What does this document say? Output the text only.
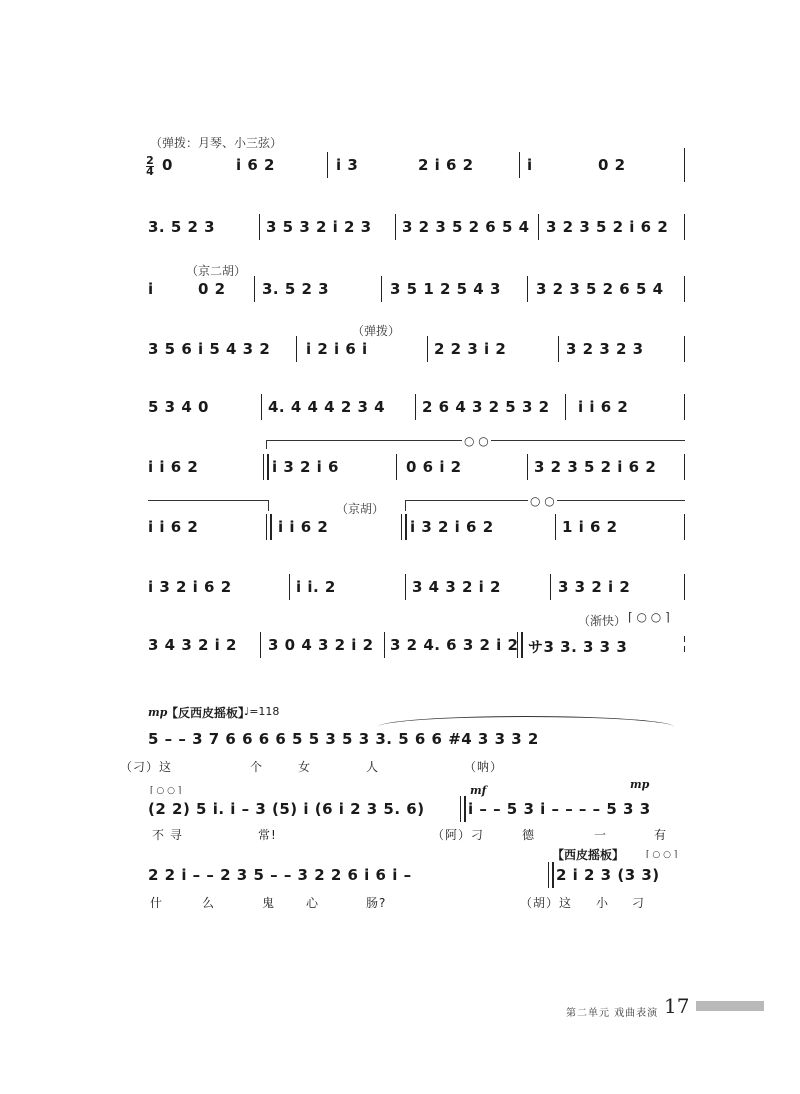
（弹拨：月琴、小三弦）
2
4 0	i 6 2	i 3	2 i 6 2	i	0 2
3. 5 2 3	3 5 3 2 i 2 3 3 2 3 5 2 6 5 4 3 2 3 5 2 i 6 2
（京二胡）
i	0 2 3. 5 2 3	3 5 1 2 5 4 3 3 2 3 5 2 6 5 4
（弹拨）
3 5 6 i 5 4 3 2 i 2 i 6 i	2 2 3 i 2	3 2 3 2 3
5 3 4 0	4. 4 4 4 2 3 4 2 6 4 3 2 5 3 2 i i 6 2
○ ○
i i 6 2	i 3 2 i 6	0 6 i 2	3 2 3 5 2 i 6 2
○ ○
（京胡）
i i 6 2	i i 6 2	i 3 2 i 6 2	1 i 6 2
i 3 2 i 6 2	i i. 2	3 4 3 2 i 2	3 3 2 i 2
（渐快） ⌈ ○ ○ ⌉
3 4 3 2 i 2 3 0 4 3 2 i 2 3 2 4. 6 3 2 i 2 サ3 3. 3 3 3
mp
【反西皮摇板】
♩=118
5 – – 3 7 6 6 6 6 5 5 3 5 3 3. 5 6 6 #4 3 3 3 2
（刁）这	个	女	人	（呐）
⌈ ○ ○ ⌉	mf	mp
(2 2) 5 i. i – 3 (5) i (6 i 2 3 5. 6)	i – – 5 3 i – – – – 5 3 3
不 寻	常!	（阿）刁	德	一	有
【西皮摇板】 ⌈ ○ ○ ⌉
2 2 i – – 2 3 5 – – 3 2 2 6 i 6 i –	2 i 2 3 (3 3)
什	么	鬼	心	肠?	（胡）这 小 刁
第二单元 戏曲表演 17
